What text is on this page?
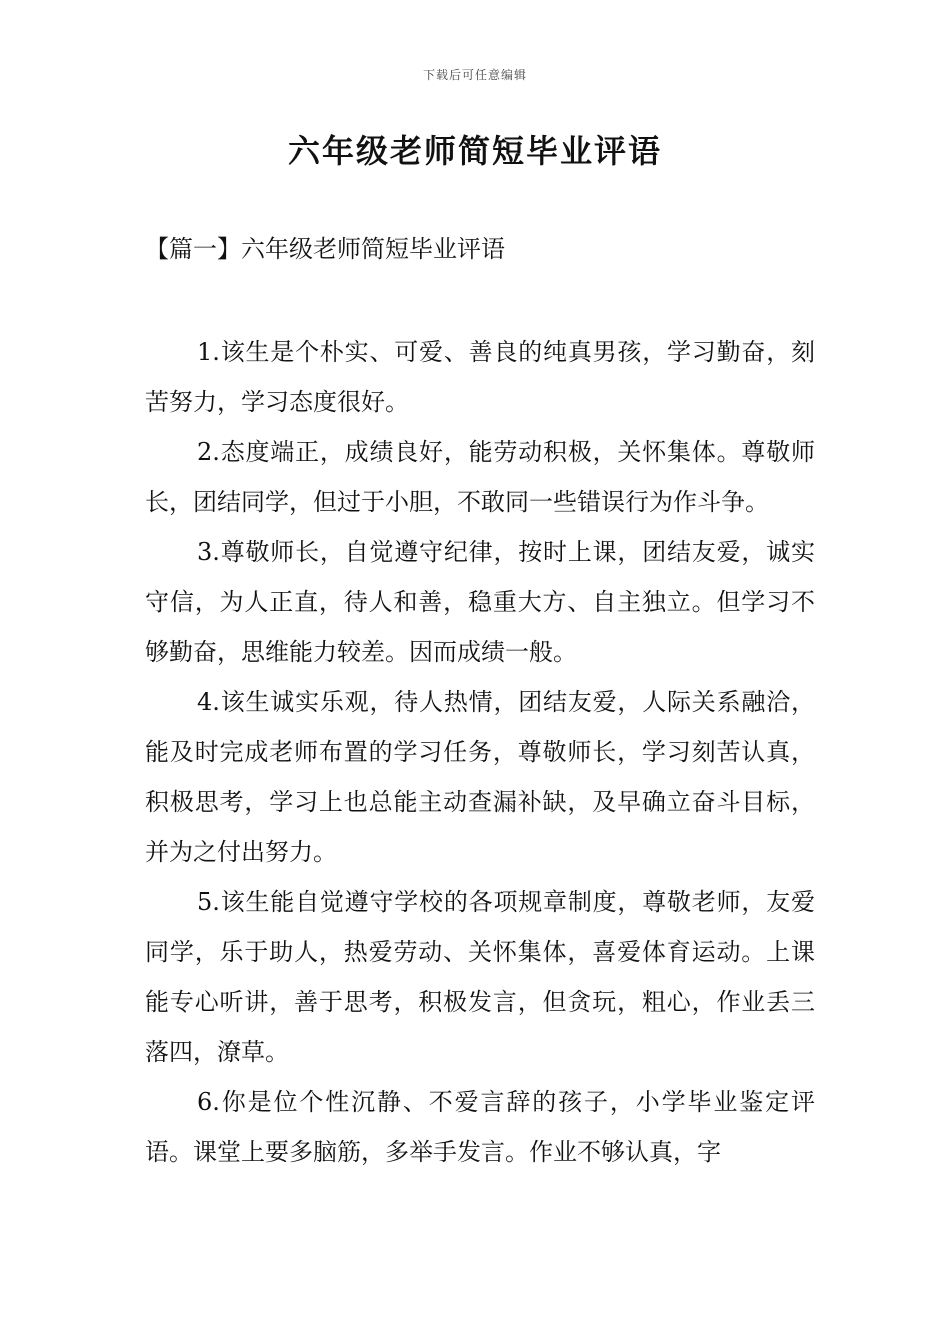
下载后可任意编辑
六年级老师简短毕业评语
【篇一】六年级老师简短毕业评语

1.该生是个朴实、可爱、善良的纯真男孩，学习勤奋，刻苦努力，学习态度很好。

2.态度端正，成绩良好，能劳动积极，关怀集体。尊敬师长，团结同学，但过于小胆，不敢同一些错误行为作斗争。

3.尊敬师长，自觉遵守纪律，按时上课，团结友爱，诚实守信，为人正直，待人和善，稳重大方、自主独立。但学习不够勤奋，思维能力较差。因而成绩一般。

4.该生诚实乐观，待人热情，团结友爱，人际关系融洽，能及时完成老师布置的学习任务，尊敬师长，学习刻苦认真，积极思考，学习上也总能主动查漏补缺，及早确立奋斗目标，并为之付出努力。

5.该生能自觉遵守学校的各项规章制度，尊敬老师，友爱同学，乐于助人，热爱劳动、关怀集体，喜爱体育运动。上课能专心听讲，善于思考，积极发言，但贪玩，粗心，作业丢三落四，潦草。

6.你是位个性沉静、不爱言辞的孩子，小学毕业鉴定评语。课堂上要多脑筋，多举手发言。作业不够认真，字
